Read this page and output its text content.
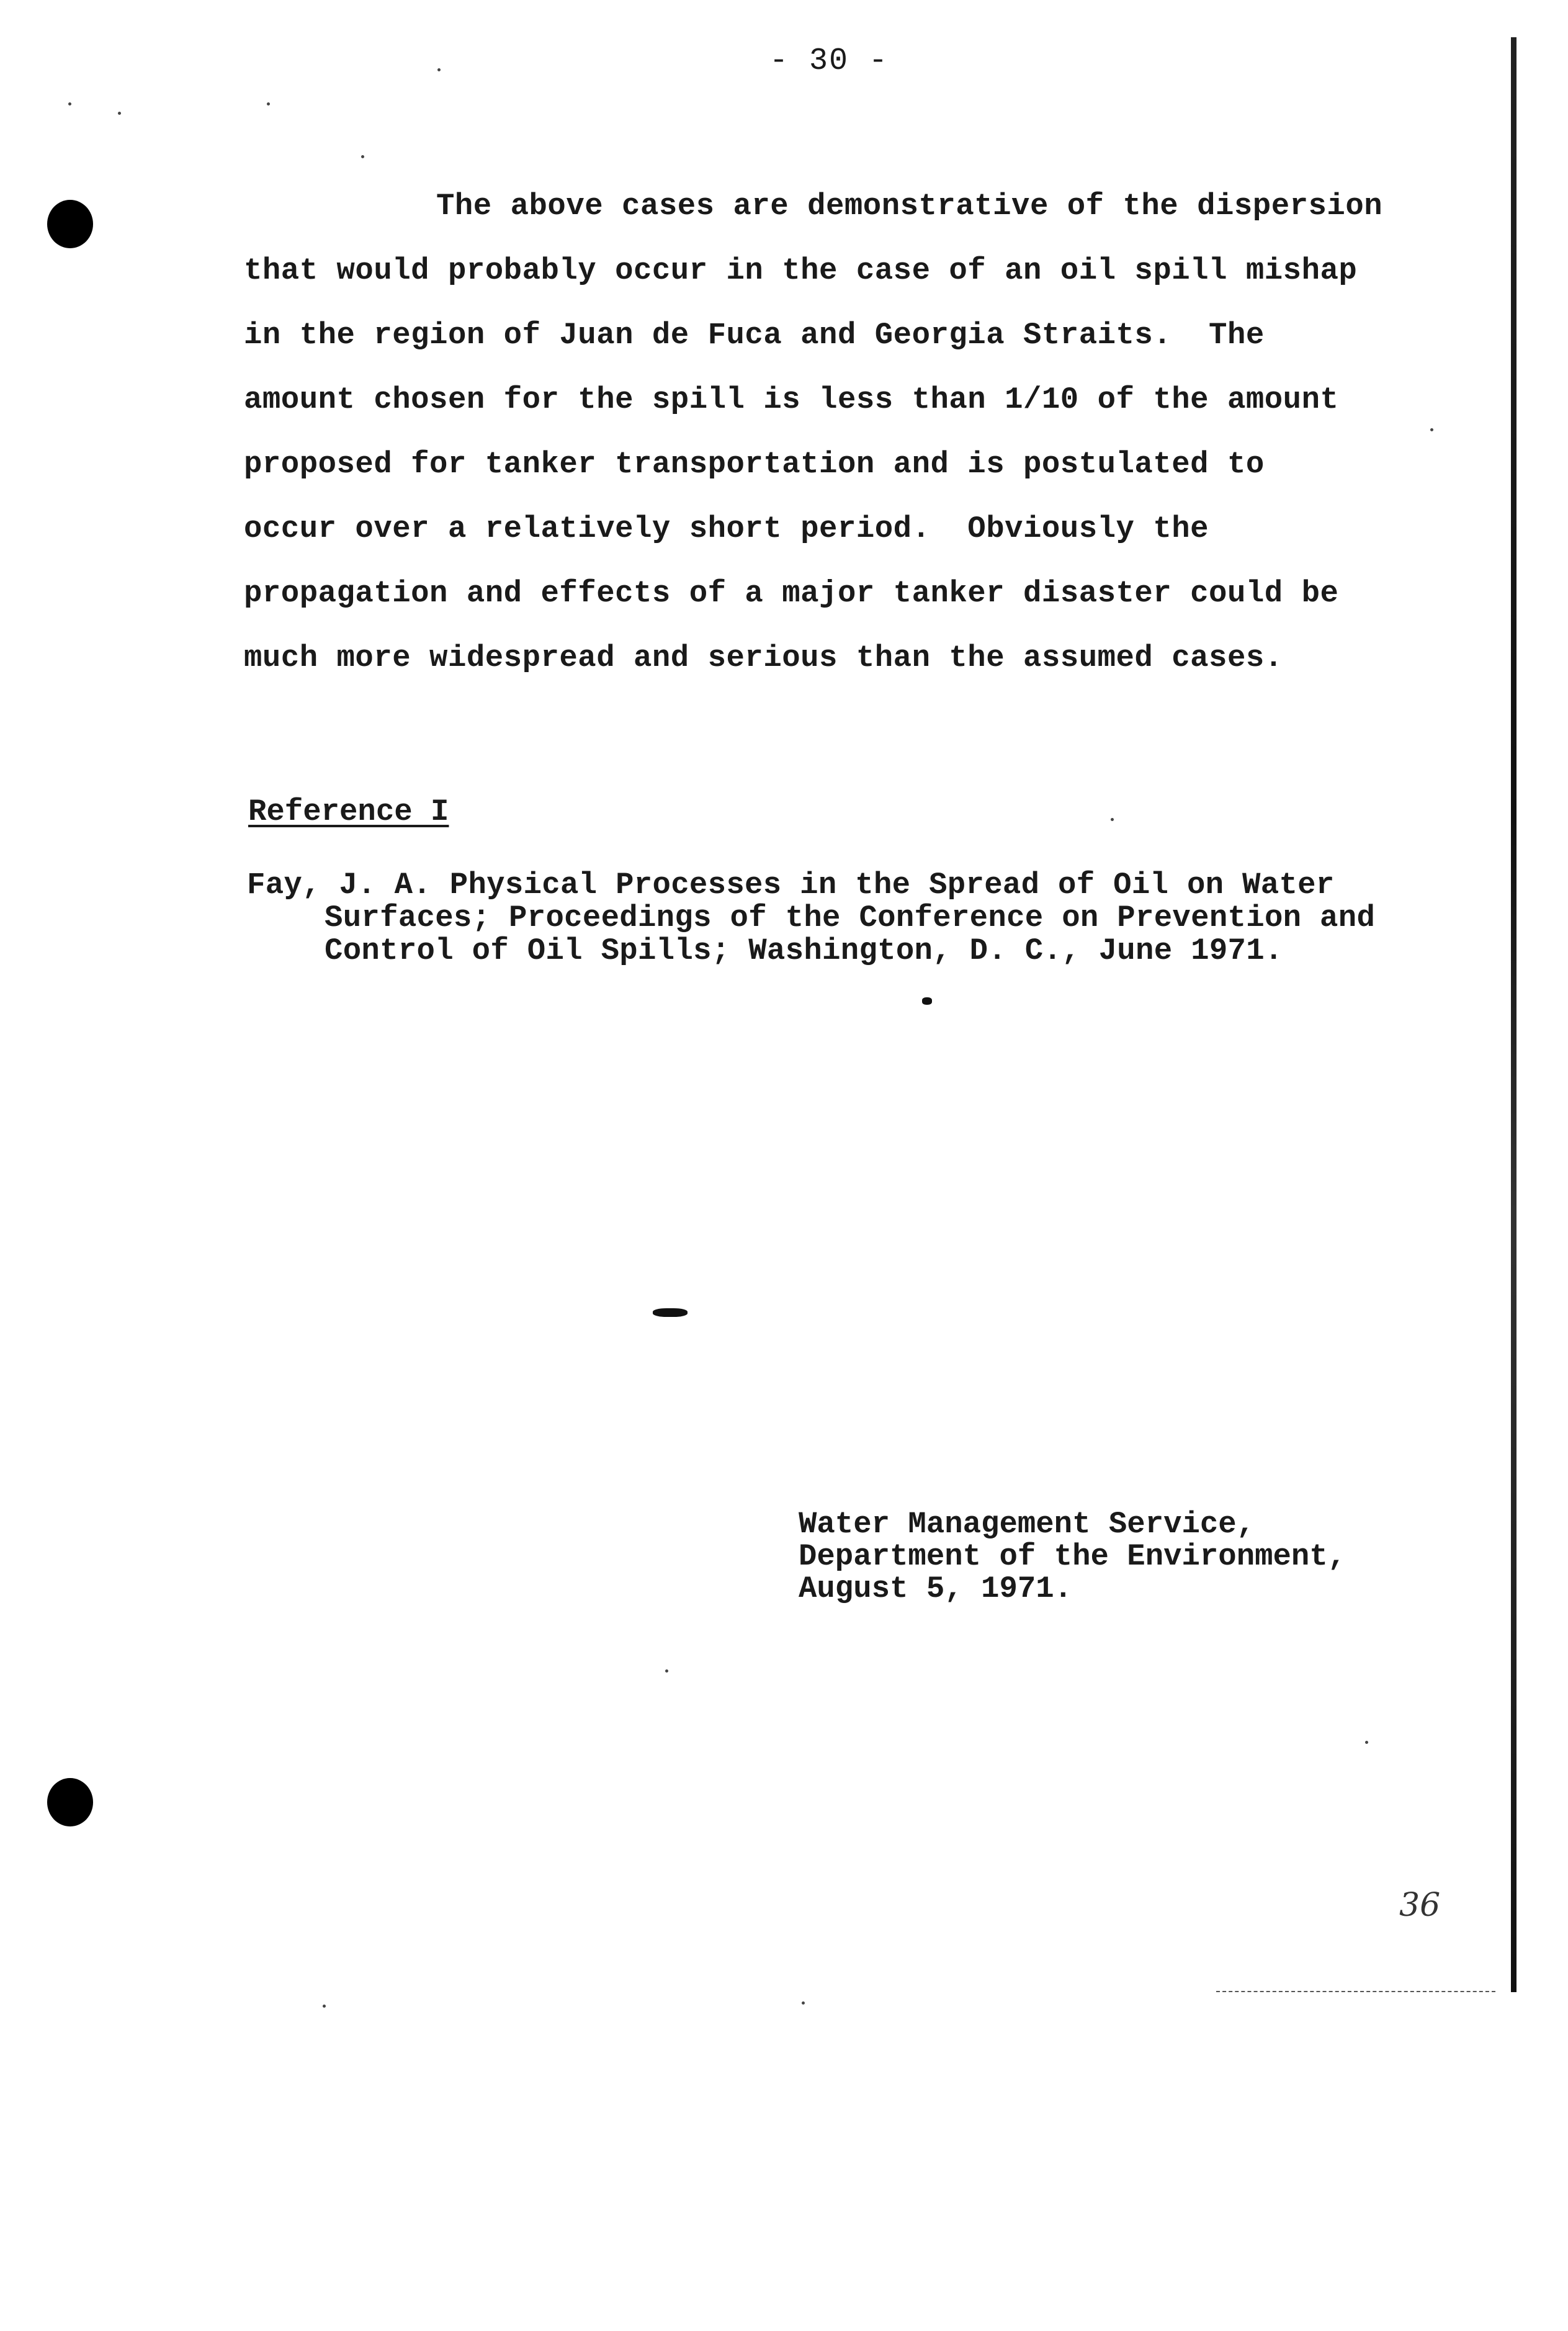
- 30 -
The above cases are demonstrative of the dispersion
that would probably occur in the case of an oil spill mishap
in the region of Juan de Fuca and Georgia Straits.  The
amount chosen for the spill is less than 1/10 of the amount
proposed for tanker transportation and is postulated to
occur over a relatively short period.  Obviously the
propagation and effects of a major tanker disaster could be
much more widespread and serious than the assumed cases.
Reference I
Fay, J. A. Physical Processes in the Spread of Oil on Water
Surfaces; Proceedings of the Conference on Prevention and
Control of Oil Spills; Washington, D. C., June 1971.
Water Management Service,
Department of the Environment,
August 5, 1971.
36
